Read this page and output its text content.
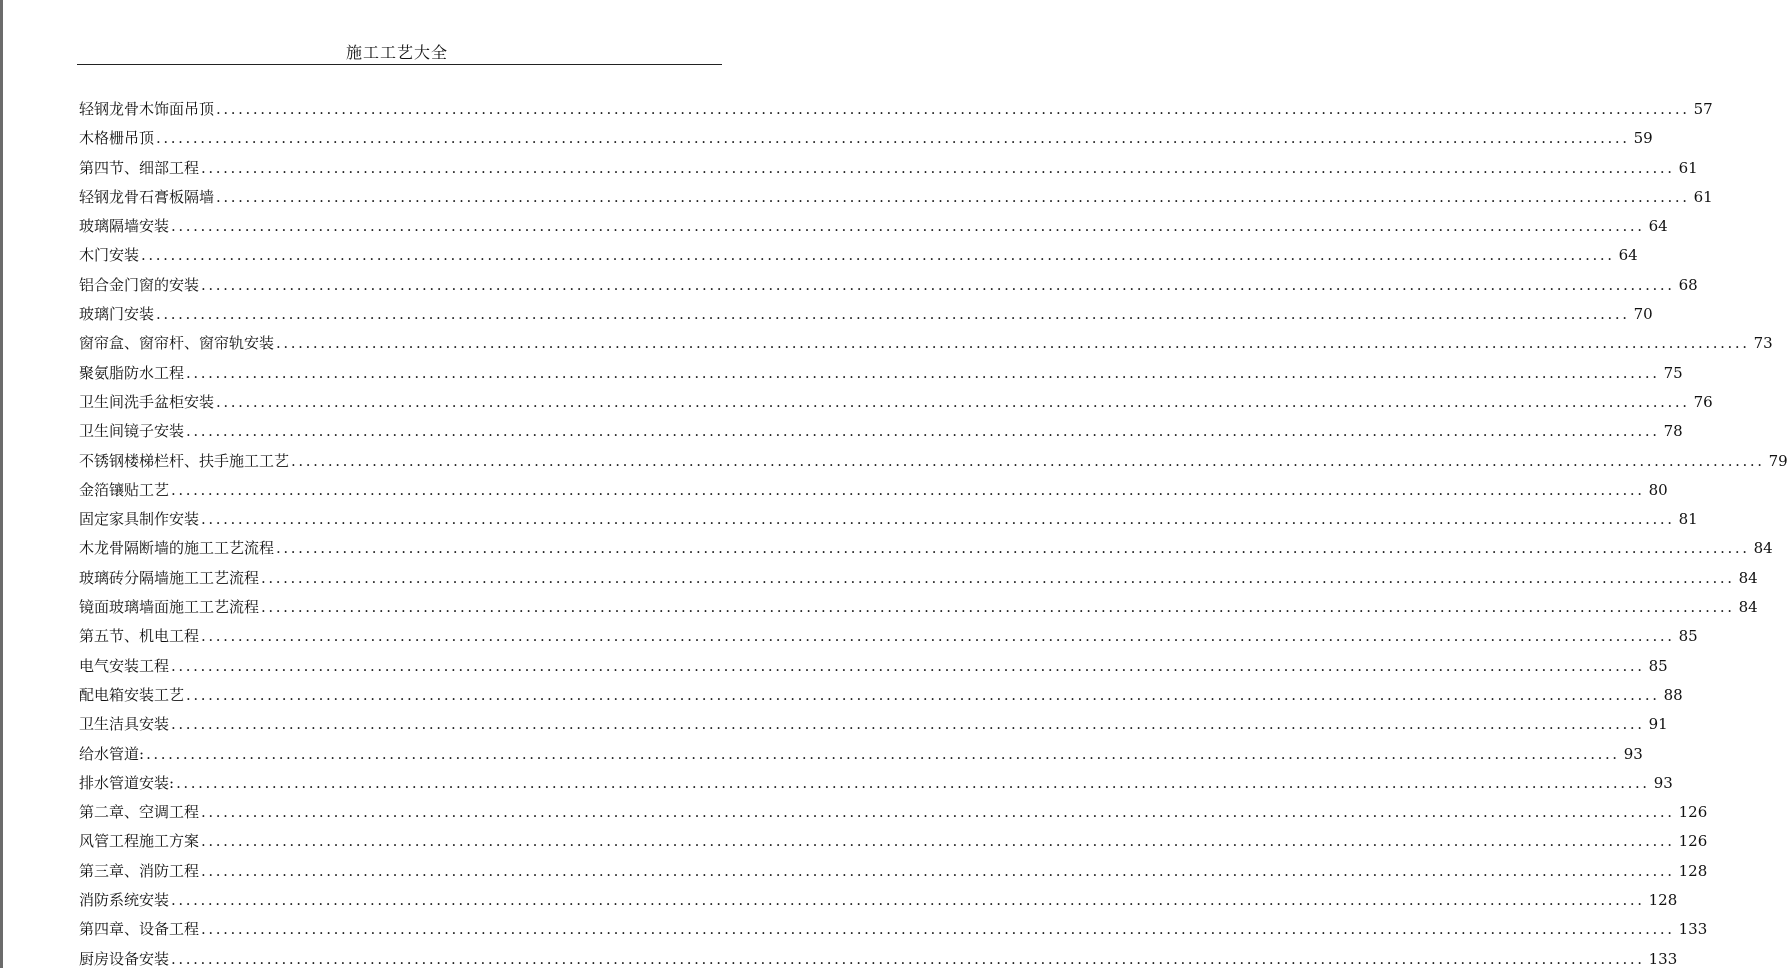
施工工艺大全
轻钢龙骨木饰面吊顶 ........................................................................................................................................................................................................ 57
木格栅吊顶 ........................................................................................................................................................................................................ 59
第四节、细部工程 ........................................................................................................................................................................................................ 61
轻钢龙骨石膏板隔墙 ........................................................................................................................................................................................................ 61
玻璃隔墙安装 ........................................................................................................................................................................................................ 64
木门安装 ........................................................................................................................................................................................................ 64
铝合金门窗的安装 ........................................................................................................................................................................................................ 68
玻璃门安装 ........................................................................................................................................................................................................ 70
窗帘盒、窗帘杆、窗帘轨安装 ........................................................................................................................................................................................................ 73
聚氨脂防水工程 ........................................................................................................................................................................................................ 75
卫生间洗手盆柜安装 ........................................................................................................................................................................................................ 76
卫生间镜子安装 ........................................................................................................................................................................................................ 78
不锈钢楼梯栏杆、扶手施工工艺 ........................................................................................................................................................................................................ 79
金箔镶贴工艺 ........................................................................................................................................................................................................ 80
固定家具制作安装 ........................................................................................................................................................................................................ 81
木龙骨隔断墙的施工工艺流程 ........................................................................................................................................................................................................ 84
玻璃砖分隔墙施工工艺流程 ........................................................................................................................................................................................................ 84
镜面玻璃墙面施工工艺流程 ........................................................................................................................................................................................................ 84
第五节、机电工程 ........................................................................................................................................................................................................ 85
电气安装工程 ........................................................................................................................................................................................................ 85
配电箱安装工艺 ........................................................................................................................................................................................................ 88
卫生洁具安装 ........................................................................................................................................................................................................ 91
给水管道: ........................................................................................................................................................................................................ 93
排水管道安装: ........................................................................................................................................................................................................ 93
第二章、空调工程 ........................................................................................................................................................................................................ 126
风管工程施工方案 ........................................................................................................................................................................................................ 126
第三章、消防工程 ........................................................................................................................................................................................................ 128
消防系统安装 ........................................................................................................................................................................................................ 128
第四章、设备工程 ........................................................................................................................................................................................................ 133
厨房设备安装 ........................................................................................................................................................................................................ 133
